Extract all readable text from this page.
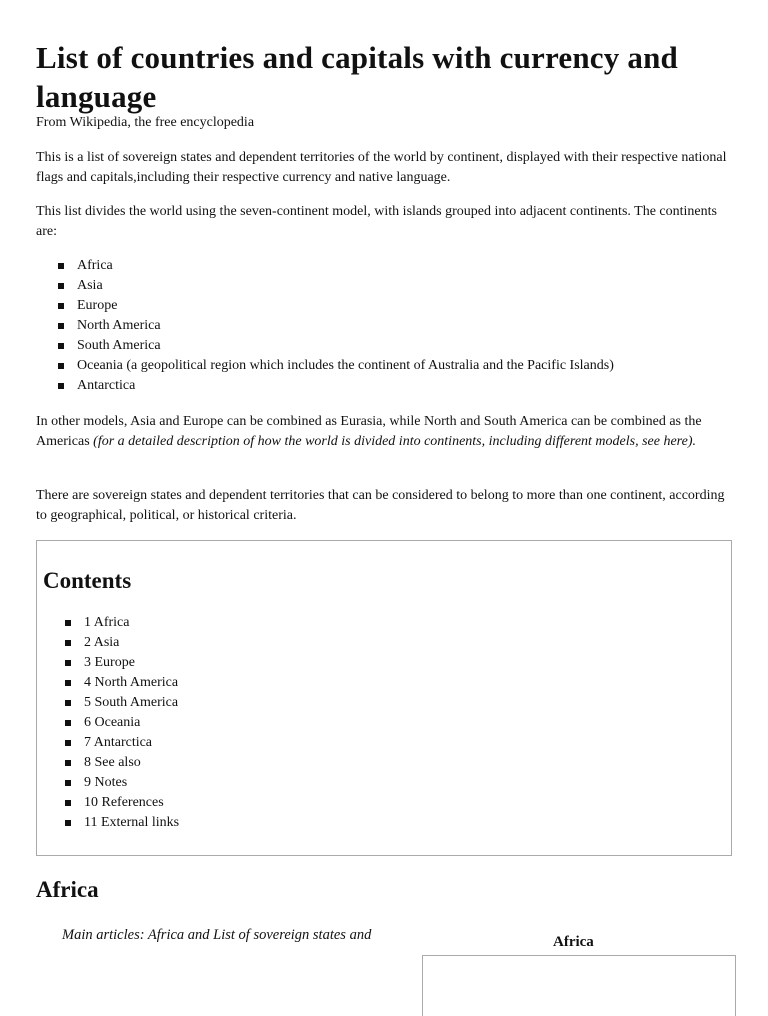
List of countries and capitals with currency and language

From Wikipedia, the free encyclopedia

This is a list of sovereign states and dependent territories of the world by continent, displayed with their respective national flags and capitals,including their respective currency and native language.

This list divides the world using the seven-continent model, with islands grouped into adjacent continents. The continents are:

Africa
Asia
Europe
North America
South America
Oceania (a geopolitical region which includes the continent of Australia and the Pacific Islands)
Antarctica

In other models, Asia and Europe can be combined as Eurasia, while North and South America can be combined as the Americas (for a detailed description of how the world is divided into continents, including different models, see here).

There are sovereign states and dependent territories that can be considered to belong to more than one continent, according to geographical, political, or historical criteria.

Contents
1 Africa
2 Asia
3 Europe
4 North America
5 South America
6 Oceania
7 Antarctica
8 See also
9 Notes
10 References
11 External links
Africa

Main articles: Africa and List of sovereign states and	Africa
